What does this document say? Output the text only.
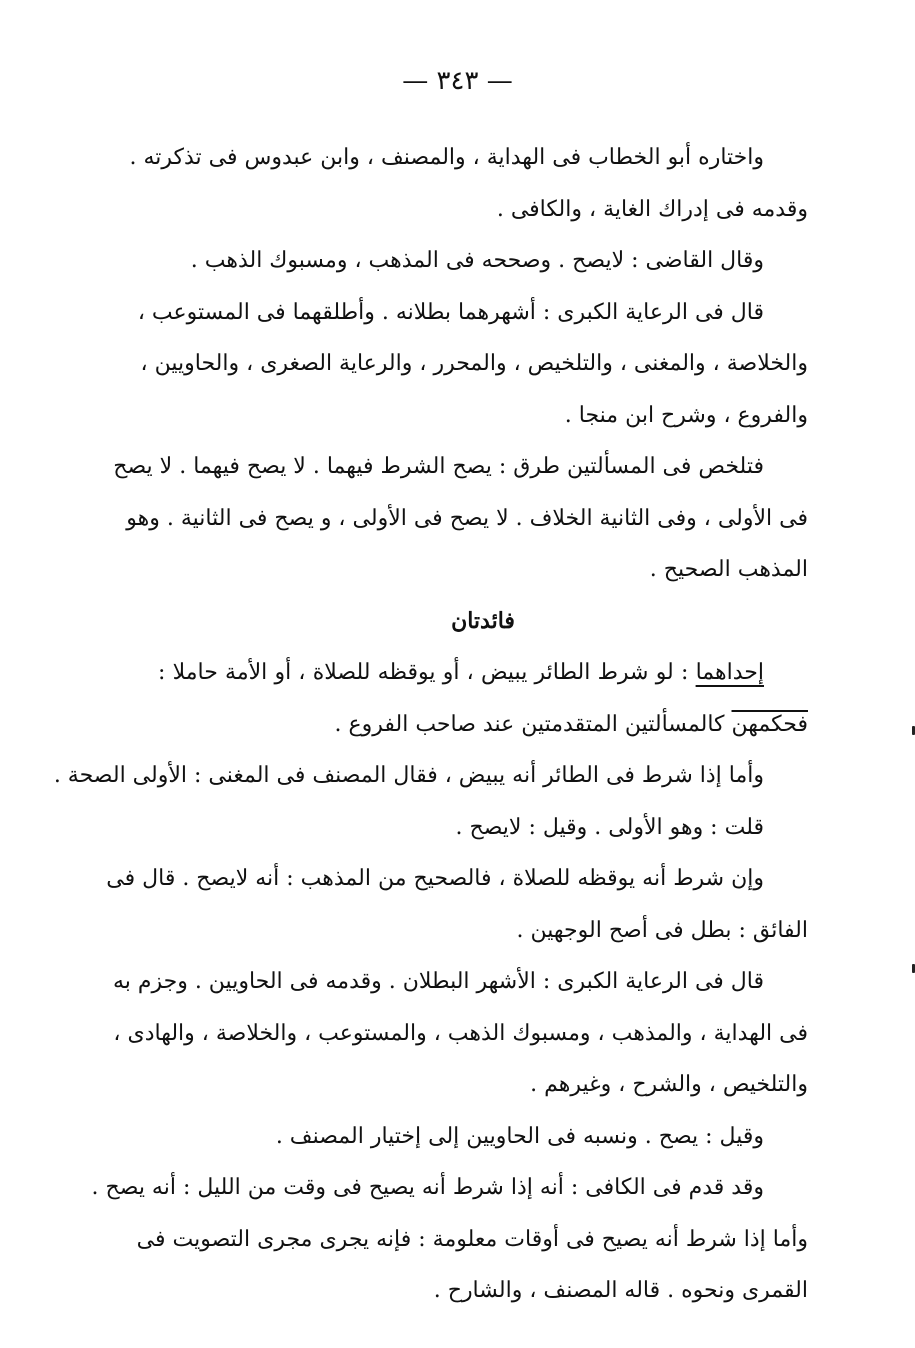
— ٣٤٣ —
واختاره أبو الخطاب فى الهداية ، والمصنف ، وابن عبدوس فى تذكرته .
وقدمه فى إدراك الغاية ، والكافى .
وقال القاضى : لايصح . وصححه فى المذهب ، ومسبوك الذهب .
قال فى الرعاية الكبرى : أشهرهما بطلانه . وأطلقهما فى المستوعب ،
والخلاصة ، والمغنى ، والتلخيص ، والمحرر ، والرعاية الصغرى ، والحاويين ،
والفروع ، وشرح ابن منجا .
فتلخص فى المسألتين طرق : يصح الشرط فيهما . لا يصح فيهما . لا يصح
فى الأولى ، وفى الثانية الخلاف . لا يصح فى الأولى ، و يصح فى الثانية . وهو
المذهب الصحيح .
فائدتان
إحداهما : لو شرط الطائر يبيض ، أو يوقظه للصلاة ، أو الأمة حاملا :
فحكمهن كالمسألتين المتقدمتين عند صاحب الفروع .
وأما إذا شرط فى الطائر أنه يبيض ، فقال المصنف فى المغنى : الأولى الصحة .
قلت : وهو الأولى . وقيل : لايصح .
وإن شرط أنه يوقظه للصلاة ، فالصحيح من المذهب : أنه لايصح . قال فى
الفائق : بطل فى أصح الوجهين .
قال فى الرعاية الكبرى : الأشهر البطلان . وقدمه فى الحاويين . وجزم به
فى الهداية ، والمذهب ، ومسبوك الذهب ، والمستوعب ، والخلاصة ، والهادى ،
والتلخيص ، والشرح ، وغيرهم .
وقيل : يصح . ونسبه فى الحاويين إلى إختيار المصنف .
وقد قدم فى الكافى : أنه إذا شرط أنه يصيح فى وقت من الليل : أنه يصح .
وأما إذا شرط أنه يصيح فى أوقات معلومة : فإنه يجرى مجرى التصويت فى
القمرى ونحوه . قاله المصنف ، والشارح .
